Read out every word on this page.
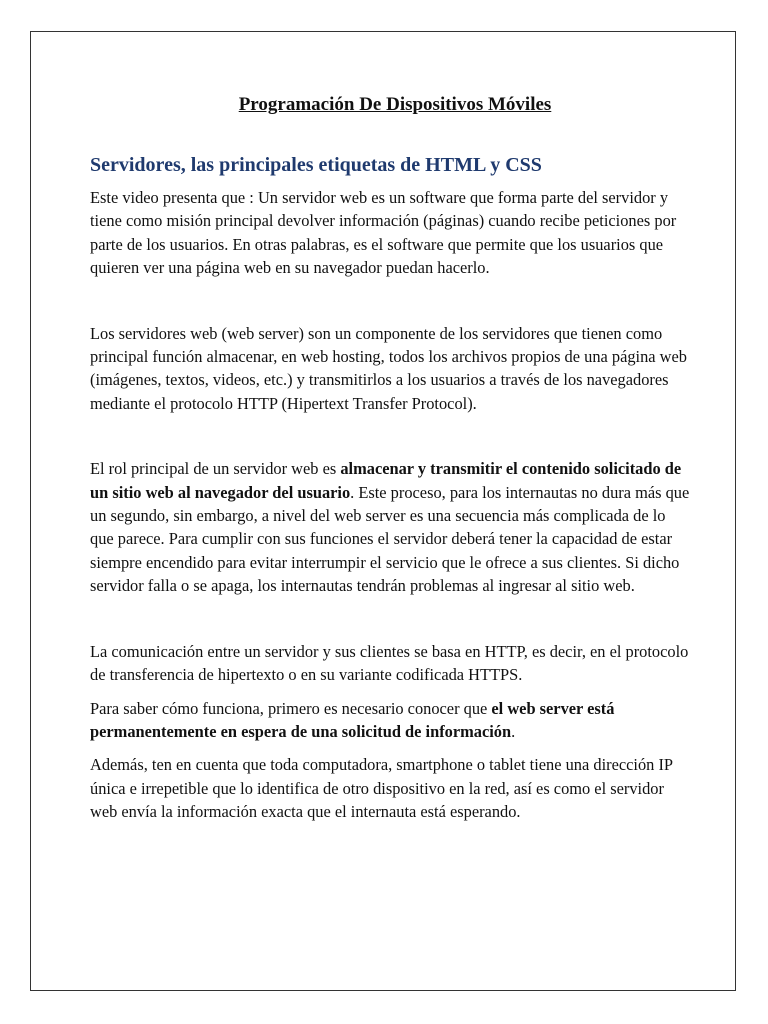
Programación De Dispositivos Móviles
Servidores, las principales etiquetas de HTML y CSS

Este video presenta que : Un servidor web es un software que forma parte del servidor y tiene como misión principal devolver información (páginas) cuando recibe peticiones por parte de los usuarios. En otras palabras, es el software que permite que los usuarios que quieren ver una página web en su navegador puedan hacerlo.

Los servidores web (web server) son un componente de los servidores que tienen como principal función almacenar, en web hosting, todos los archivos propios de una página web (imágenes, textos, videos, etc.) y transmitirlos a los usuarios a través de los navegadores mediante el protocolo HTTP (Hipertext Transfer Protocol).

El rol principal de un servidor web es almacenar y transmitir el contenido solicitado de un sitio web al navegador del usuario. Este proceso, para los internautas no dura más que un segundo, sin embargo, a nivel del web server es una secuencia más complicada de lo que parece. Para cumplir con sus funciones el servidor deberá tener la capacidad de estar siempre encendido para evitar interrumpir el servicio que le ofrece a sus clientes. Si dicho servidor falla o se apaga, los internautas tendrán problemas al ingresar al sitio web.

La comunicación entre un servidor y sus clientes se basa en HTTP, es decir, en el protocolo de transferencia de hipertexto o en su variante codificada HTTPS.

Para saber cómo funciona, primero es necesario conocer que el web server está permanentemente en espera de una solicitud de información.

Además, ten en cuenta que toda computadora, smartphone o tablet tiene una dirección IP única e irrepetible que lo identifica de otro dispositivo en la red, así es como el servidor web envía la información exacta que el internauta está esperando.
